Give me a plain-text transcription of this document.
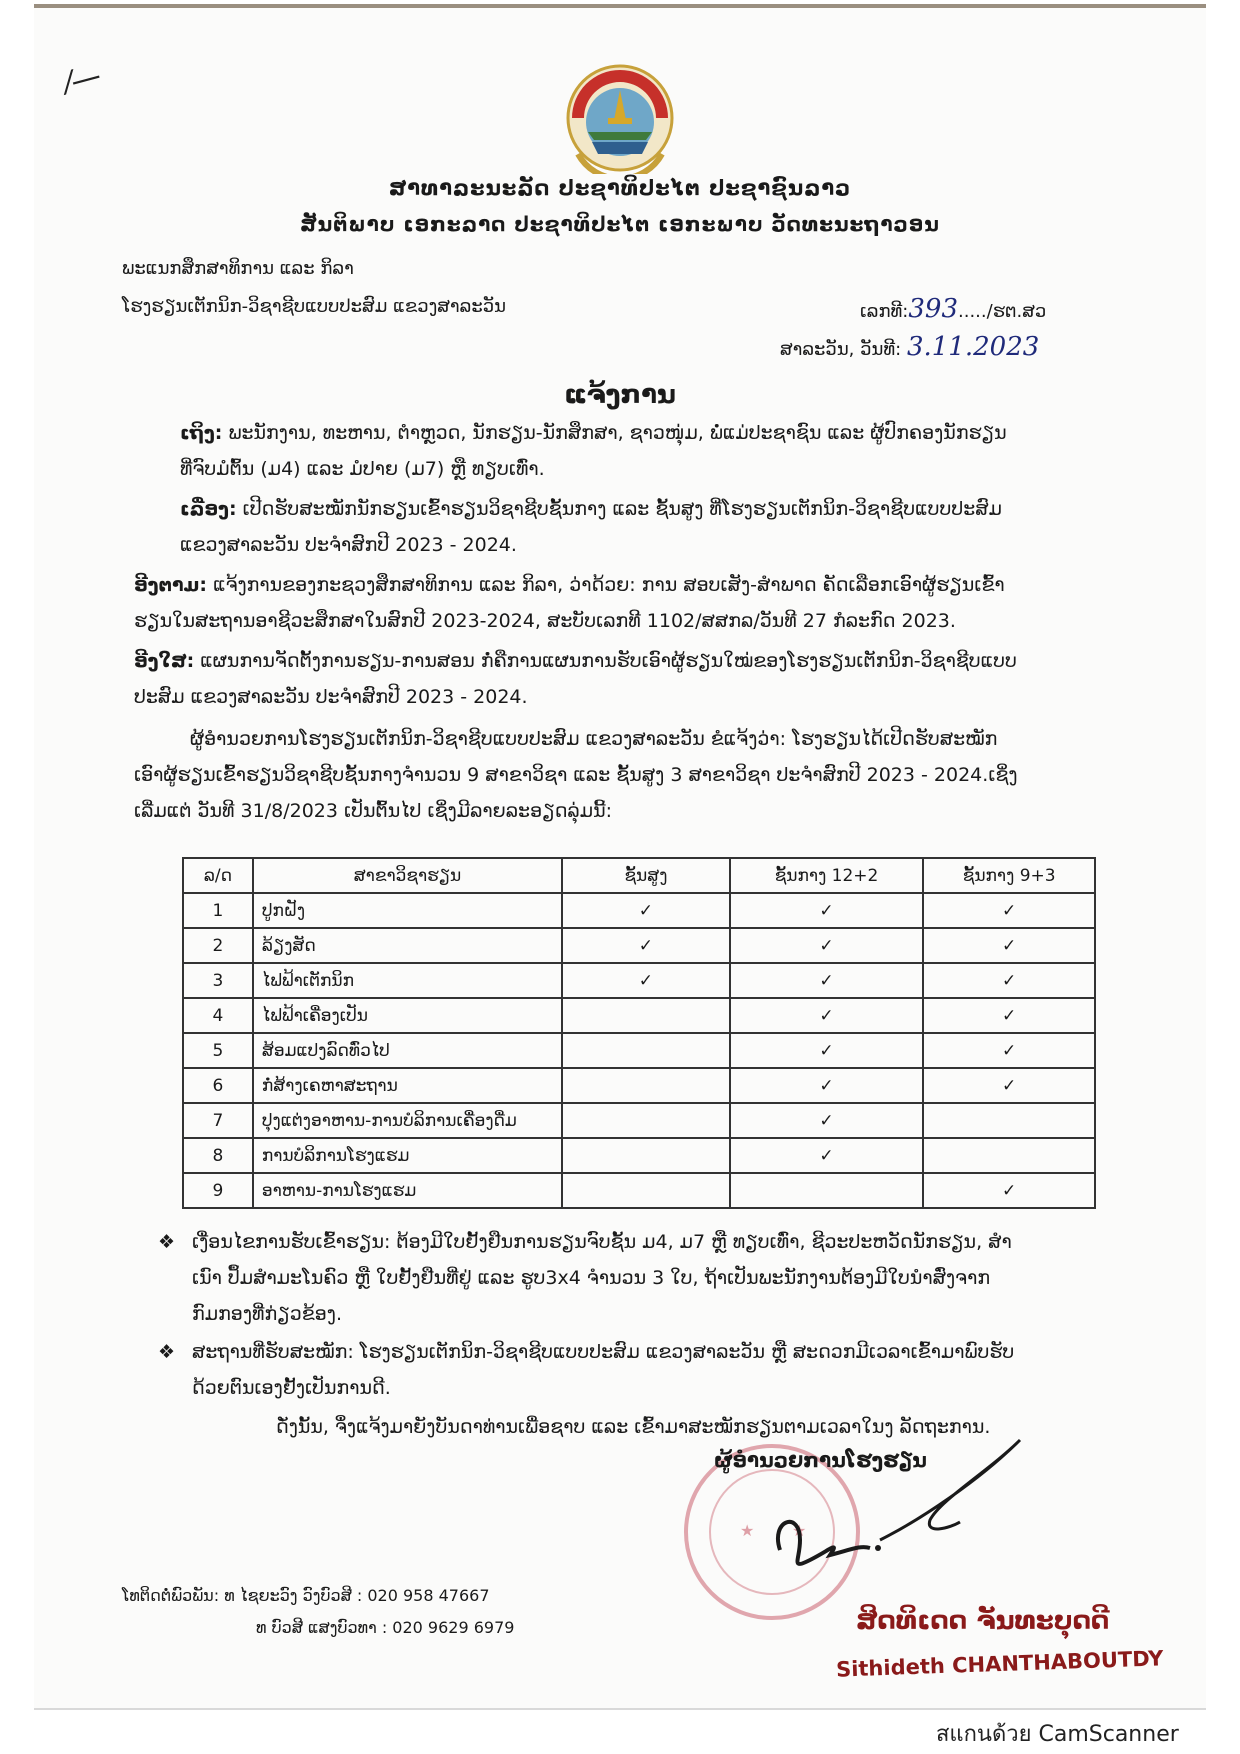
⁄—
ສາທາລະນະລັດ ປະຊາທິປະໄຕ ປະຊາຊົນລາວ
ສັນຕິພາບ ເອກະລາດ ປະຊາທິປະໄຕ ເອກະພາບ ວັດທະນະຖາວອນ
ພະແນກສຶກສາທິການ ແລະ ກິລາ
ໂຮງຮຽນເຕັກນິກ-ວິຊາຊີບແບບປະສົມ ແຂວງສາລະວັນ	ເລກທີ:393...../ຮຕ.ສວ
ສາລະວັນ, ວັນທີ: 3.11.2023
ແຈ້ງການ
ເຖິງ: ພະນັກງານ, ທະຫານ, ຕຳຫຼວດ, ນັກຮຽນ-ນັກສຶກສາ, ຊາວໜຸ່ມ, ພໍ່ແມ່ປະຊາຊົນ ແລະ ຜູ້ປົກຄອງນັກຮຽນ
ທີ່ຈົບມໍຕົ້ນ (ມ4) ແລະ ມໍປາຍ (ມ7) ຫຼື ທຽບເທົ່າ.
ເລື່ອງ: ເປີດຮັບສະໝັກນັກຮຽນເຂົ້າຮຽນວິຊາຊີບຊັ້ນກາງ ແລະ ຊັ້ນສູງ ທີ່ໂຮງຮຽນເຕັກນິກ-ວິຊາຊີບແບບປະສົມ
ແຂວງສາລະວັນ ປະຈຳສົກປີ 2023 - 2024.
ອີງຕາມ: ແຈ້ງການຂອງກະຊວງສຶກສາທິການ ແລະ ກິລາ, ວ່າດ້ວຍ: ການ ສອບເສັງ-ສຳພາດ ຄັດເລືອກເອົາຜູ້ຮຽນເຂົ້າ
ຮຽນໃນສະຖານອາຊີວະສຶກສາໃນສົກປີ 2023-2024, ສະບັບເລກທີ 1102/ສສກລ/ວັນທີ 27 ກໍລະກົດ 2023.
ອີງໃສ: ແຜນການຈັດຕັ້ງການຮຽນ-ການສອນ ກໍ່ຄືການແຜນການຮັບເອົາຜູ້ຮຽນໃໝ່ຂອງໂຮງຮຽນເຕັກນິກ-ວິຊາຊີບແບບ
ປະສົມ ແຂວງສາລະວັນ ປະຈຳສົກປີ 2023 - 2024.
ຜູ້ອຳນວຍການໂຮງຮຽນເຕັກນິກ-ວິຊາຊີບແບບປະສົມ ແຂວງສາລະວັນ ຂໍແຈ້ງວ່າ: ໂຮງຮຽນໄດ້ເປີດຮັບສະໝັກ
ເອົາຜູ້ຮຽນເຂົ້າຮຽນວິຊາຊີບຊັ້ນກາງຈຳນວນ 9 ສາຂາວິຊາ ແລະ ຊັ້ນສູງ 3 ສາຂາວິຊາ ປະຈຳສົກປີ 2023 - 2024.ເຊິ່ງ
ເລີ່ມແຕ່ ວັນທີ 31/8/2023 ເປັນຕົ້ນໄປ ເຊິ່ງມີລາຍລະອຽດລຸ່ມນີ້:
ລ/ດ	ສາຂາວິຊາຮຽນ	ຊັ້ນສູງ	ຊັ້ນກາງ 12+2	ຊັ້ນກາງ 9+3
1	ປູກຝັງ	✓	✓	✓
2	ລ້ຽງສັດ	✓	✓	✓
3	ໄຟຟ້າເຕັກນິກ	✓	✓	✓
4	ໄຟຟ້າເຄື່ອງເປັນ		✓	✓
5	ສ້ອມແປງລົດທົ່ວໄປ		✓	✓
6	ກໍ່ສ້າງເຄຫາສະຖານ		✓	✓
7	ປຸງແຕ່ງອາຫານ-ການບໍລິການເຄື່ອງດື່ມ		✓	
8	ການບໍລິການໂຮງແຮມ		✓	
9	ອາຫານ-ການໂຮງແຮມ			✓
❖ ເງື່ອນໄຂການຮັບເຂົ້າຮຽນ: ຕ້ອງມີໃບຢັ້ງຢືນການຮຽນຈົບຊັ້ນ ມ4, ມ7 ຫຼື ທຽບເທົ່າ, ຊີວະປະຫວັດນັກຮຽນ, ສຳ
ເນົາ ປຶ້ມສຳມະໂນຄົວ ຫຼື ໃບຢັ້ງຢືນທີ່ຢູ່ ແລະ ຮູບ3x4 ຈຳນວນ 3 ໃບ, ຖ້າເປັນພະນັກງານຕ້ອງມີໃບນຳສົ່ງຈາກ
ກົມກອງທີ່ກ່ຽວຂ້ອງ.
❖ ສະຖານທີ່ຮັບສະໝັກ: ໂຮງຮຽນເຕັກນິກ-ວິຊາຊີບແບບປະສົມ ແຂວງສາລະວັນ ຫຼື ສະດວກມີເວລາເຂົ້າມາພົບຮັບ
ດ້ວຍຕົນເອງຢັ້ງເປັນການດີ.
ດັ່ງນັ້ນ, ຈຶ່ງແຈ້ງມາຍັງບັນດາທ່ານເພື່ອຊາບ ແລະ ເຂົ້າມາສະໝັກຮຽນຕາມເວລາໃນງ ລັດຖະການ.
★ ★
ຜູ້ອຳນວຍການໂຮງຮຽນ
ສິດທິເດດ ຈັນທະບຸດດີ
Sithideth CHANTHABOUTDY
ໂທຕິດຕໍ່ພົວພັນ: ທ ໄຊຍະວົງ ວົງບົວສີ : 020 958 47667
ທ ບົວສີ ແສງບົວທາ : 020 9629 6979
สแกนด้วย CamScanner
